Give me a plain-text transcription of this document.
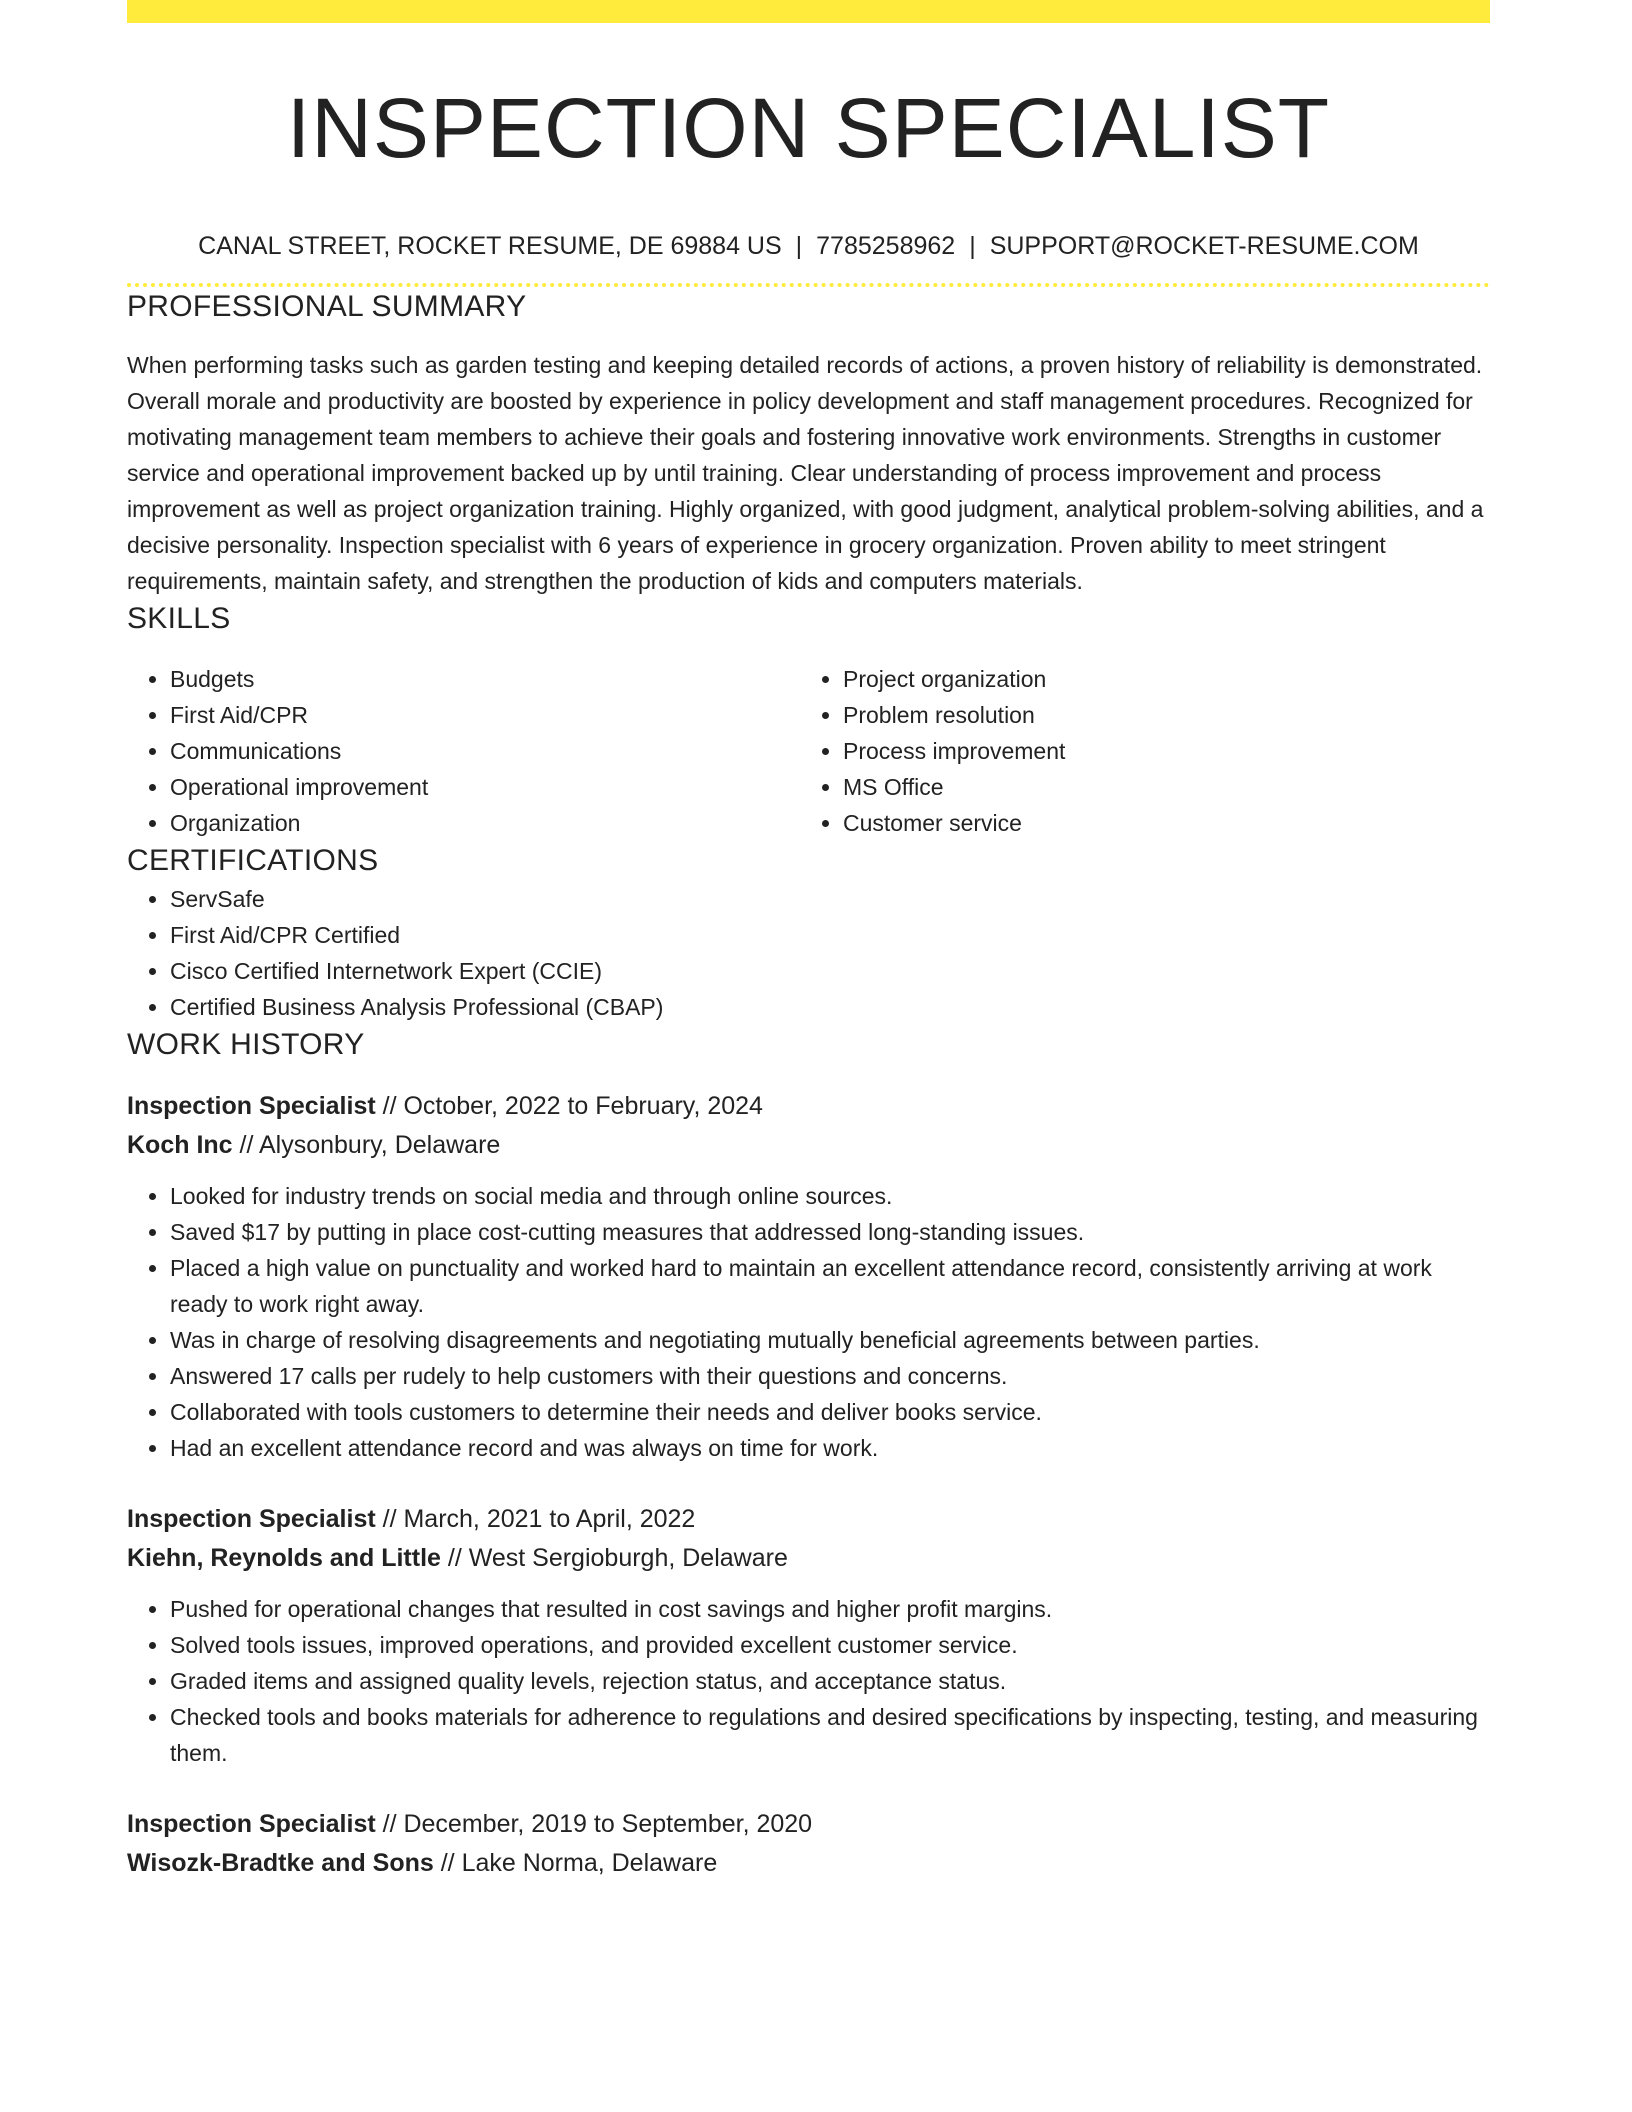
INSPECTION SPECIALIST
CANAL STREET, ROCKET RESUME, DE 69884 US | 7785258962 | SUPPORT@ROCKET-RESUME.COM
PROFESSIONAL SUMMARY

When performing tasks such as garden testing and keeping detailed records of actions, a proven history of reliability is demonstrated. Overall morale and productivity are boosted by experience in policy development and staff management procedures. Recognized for motivating management team members to achieve their goals and fostering innovative work environments. Strengths in customer service and operational improvement backed up by until training. Clear understanding of process improvement and process improvement as well as project organization training. Highly organized, with good judgment, analytical problem-solving abilities, and a decisive personality. Inspection specialist with 6 years of experience in grocery organization. Proven ability to meet stringent requirements, maintain safety, and strengthen the production of kids and computers materials.

SKILLS
• Budgets
• First Aid/CPR
• Communications
• Operational improvement
• Organization
• Project organization
• Problem resolution
• Process improvement
• MS Office
• Customer service
CERTIFICATIONS
• ServSafe
• First Aid/CPR Certified
• Cisco Certified Internetwork Expert (CCIE)
• Certified Business Analysis Professional (CBAP)
WORK HISTORY
Inspection Specialist // October, 2022 to February, 2024
Koch Inc // Alysonbury, Delaware
• Looked for industry trends on social media and through online sources.
• Saved $17 by putting in place cost-cutting measures that addressed long-standing issues.
• Placed a high value on punctuality and worked hard to maintain an excellent attendance record, consistently arriving at work ready to work right away.
• Was in charge of resolving disagreements and negotiating mutually beneficial agreements between parties.
• Answered 17 calls per rudely to help customers with their questions and concerns.
• Collaborated with tools customers to determine their needs and deliver books service.
• Had an excellent attendance record and was always on time for work.
Inspection Specialist // March, 2021 to April, 2022
Kiehn, Reynolds and Little // West Sergioburgh, Delaware
• Pushed for operational changes that resulted in cost savings and higher profit margins.
• Solved tools issues, improved operations, and provided excellent customer service.
• Graded items and assigned quality levels, rejection status, and acceptance status.
• Checked tools and books materials for adherence to regulations and desired specifications by inspecting, testing, and measuring them.
Inspection Specialist // December, 2019 to September, 2020
Wisozk-Bradtke and Sons // Lake Norma, Delaware
